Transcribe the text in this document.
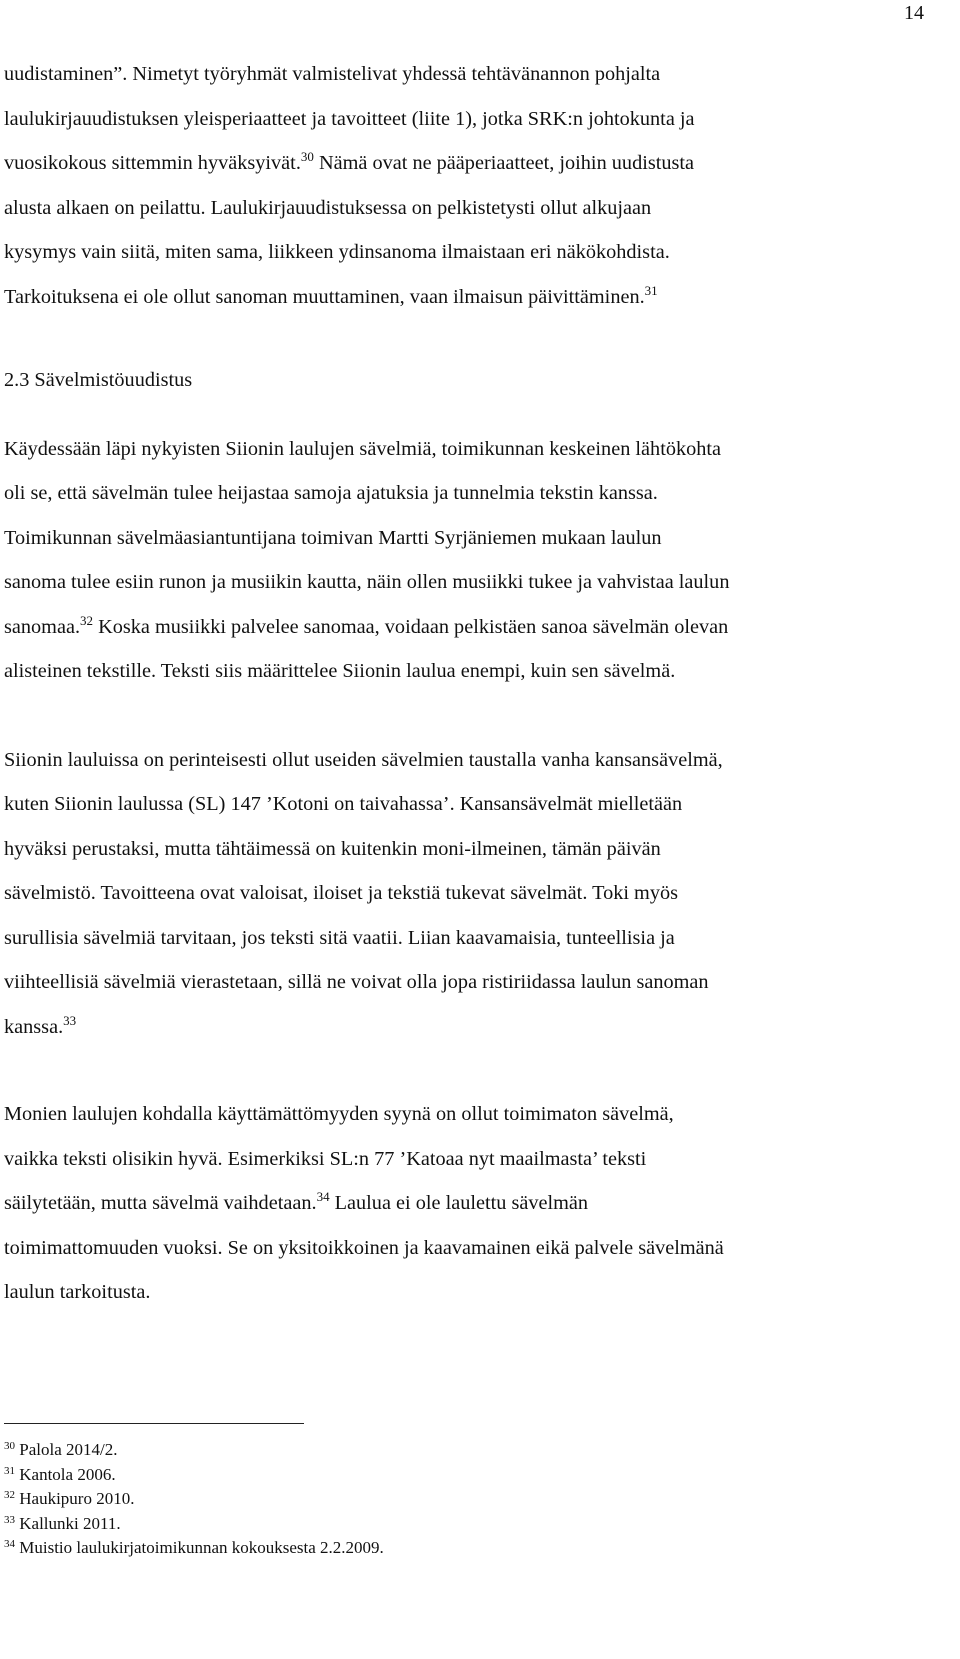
14

uudistaminen”. Nimetyt työryhmät valmistelivat yhdessä tehtävänannon pohjalta
laulukirjauudistuksen yleisperiaatteet ja tavoitteet (liite 1), jotka SRK:n johtokunta ja
vuosikokous sittemmin hyväksyivät.$^{30}$ Nämä ovat ne pääperiaatteet, joihin uudistusta
alusta alkaen on peilattu. Laulukirjauudistuksessa on pelkistetysti ollut alkujaan
kysymys vain siitä, miten sama, liikkeen ydinsanoma ilmaistaan eri näkökohdista.
Tarkoituksena ei ole ollut sanoman muuttaminen, vaan ilmaisun päivittäminen.$^{31}$

2.3 Sävelmistöuudistus

Käydessään läpi nykyisten Siionin laulujen sävelmiä, toimikunnan keskeinen lähtökohta
oli se, että sävelmän tulee heijastaa samoja ajatuksia ja tunnelmia tekstin kanssa.
Toimikunnan sävelmäasiantuntijana toimivan Martti Syrjäniemen mukaan laulun
sanoma tulee esiin runon ja musiikin kautta, näin ollen musiikki tukee ja vahvistaa laulun
sanomaa.$^{32}$ Koska musiikki palvelee sanomaa, voidaan pelkistäen sanoa sävelmän olevan
alisteinen tekstille. Teksti siis määrittelee Siionin laulua enempi, kuin sen sävelmä.

Siionin lauluissa on perinteisesti ollut useiden sävelmien taustalla vanha kansansävelmä,
kuten Siionin laulussa (SL) 147 ’Kotoni on taivahassa’. Kansansävelmät mielletään
hyväksi perustaksi, mutta tähtäimessä on kuitenkin moni-ilmeinen, tämän päivän
sävelmistö. Tavoitteena ovat valoisat, iloiset ja tekstiä tukevat sävelmät. Toki myös
surullisia sävelmiä tarvitaan, jos teksti sitä vaatii. Liian kaavamaisia, tunteellisia ja
viihteellisiä sävelmiä vierastetaan, sillä ne voivat olla jopa ristiriidassa laulun sanoman
kanssa.$^{33}$

Monien laulujen kohdalla käyttämättömyyden syynä on ollut toimimaton sävelmä,
vaikka teksti olisikin hyvä. Esimerkiksi SL:n 77 ’Katoaa nyt maailmasta’ teksti
säilytetään, mutta sävelmä vaihdetaan.$^{34}$ Laulua ei ole laulettu sävelmän
toimimattomuuden vuoksi. Se on yksitoikkoinen ja kaavamainen eikä palvele sävelmänä
laulun tarkoitusta.

$^{30}$ Palola 2014/2.
$^{31}$ Kantola 2006.
$^{32}$ Haukipuro 2010.
$^{33}$ Kallunki 2011.
$^{34}$ Muistio laulukirjatoimikunnan kokouksesta 2.2.2009.
